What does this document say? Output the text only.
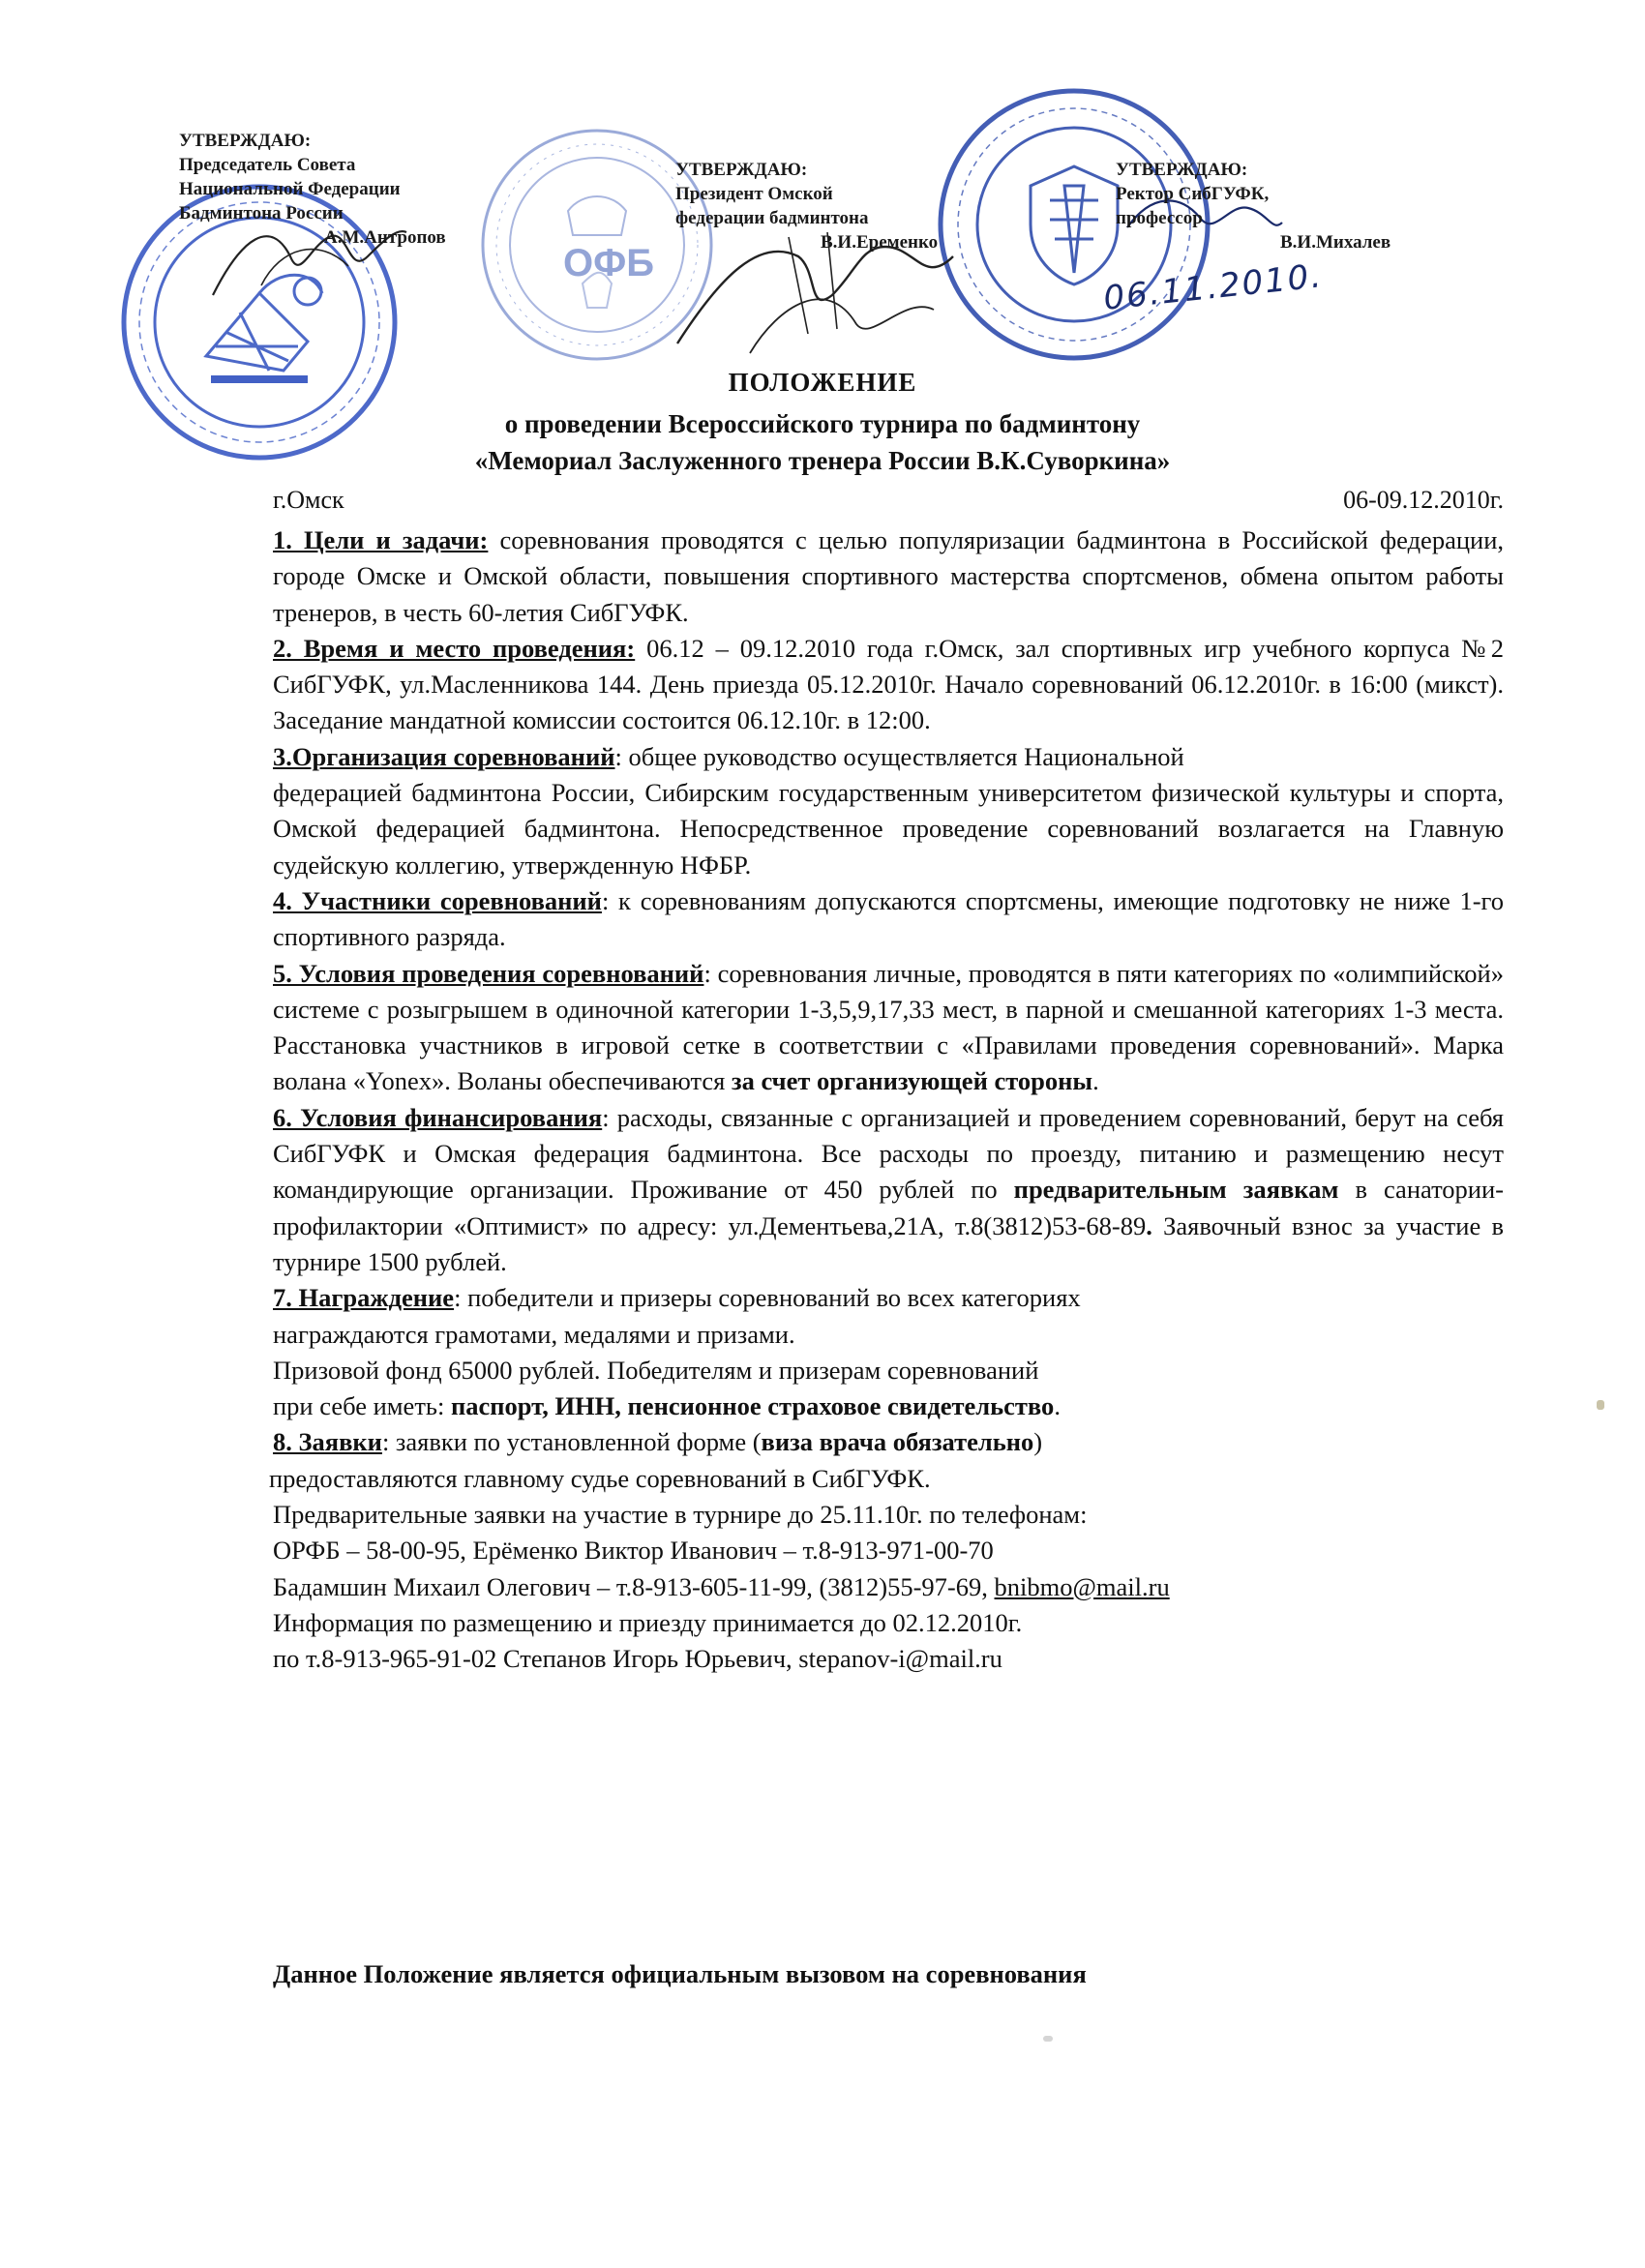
ОФБ	06.11.2010.
УТВЕРЖДАЮ:
Председатель Совета
Национальной Федерации
Бадминтона России
А.М.Антропов
УТВЕРЖДАЮ:
Президент Омской
федерации бадминтона
В.И.Еременко
УТВЕРЖДАЮ:
Ректор СибГУФК,
профессор
В.И.Михалев
ПОЛОЖЕНИЕ
о проведении Всероссийского турнира по бадминтону
«Мемориал Заслуженного тренера России В.К.Суворкина»
г.Омск	06-09.12.2010г.

1. Цели и задачи: соревнования проводятся с целью популяризации бадминтона в Российской федерации, городе Омске и Омской области, повышения спортивного мастерства спортсменов, обмена опытом работы тренеров, в честь 60-летия СибГУФК.

2. Время и место проведения: 06.12 – 09.12.2010 года г.Омск, зал спортивных игр учебного корпуса №2 СибГУФК, ул.Масленникова 144. День приезда 05.12.2010г. Начало соревнований 06.12.2010г. в 16:00 (микст). Заседание мандатной комиссии состоится 06.12.10г. в 12:00.

3.Организация соревнований: общее руководство осуществляется Национальной

федерацией бадминтона России, Сибирским государственным университетом физической культуры и спорта, Омской федерацией бадминтона. Непосредственное проведение соревнований возлагается на Главную судейскую коллегию, утвержденную НФБР.

4. Участники соревнований: к соревнованиям допускаются спортсмены, имеющие подготовку не ниже 1-го спортивного разряда.

5. Условия проведения соревнований: соревнования личные, проводятся в пяти категориях по «олимпийской» системе с розыгрышем в одиночной категории 1-3,5,9,17,33 мест, в парной и смешанной категориях 1-3 места. Расстановка участников в игровой сетке в соответствии с «Правилами проведения соревнований». Марка волана «Yonex». Воланы обеспечиваются за счет организующей стороны.

6. Условия финансирования: расходы, связанные с организацией и проведением соревнований, берут на себя СибГУФК и Омская федерация бадминтона. Все расходы по проезду, питанию и размещению несут командирующие организации. Проживание от 450 рублей по предварительным заявкам в санатории-профилактории «Оптимист» по адресу: ул.Дементьева,21А, т.8(3812)53-68-89. Заявочный взнос за участие в турнире 1500 рублей.

7. Награждение: победители и призеры соревнований во всех категориях
награждаются грамотами, медалями и призами.
Призовой фонд 65000 рублей. Победителям и призерам соревнований
при себе иметь: паспорт, ИНН, пенсионное страховое свидетельство.
8. Заявки: заявки по установленной форме (виза врача обязательно)
предоставляются главному судье соревнований в СибГУФК.
Предварительные заявки на участие в турнире до 25.11.10г. по телефонам:
ОРФБ – 58-00-95, Ерёменко Виктор Иванович – т.8-913-971-00-70
Бадамшин Михаил Олегович – т.8-913-605-11-99, (3812)55-97-69, bnibmo@mail.ru
Информация по размещению и приезду принимается до 02.12.2010г.
по т.8-913-965-91-02 Степанов Игорь Юрьевич, stepanov-i@mail.ru
Данное Положение является официальным вызовом на соревнования
